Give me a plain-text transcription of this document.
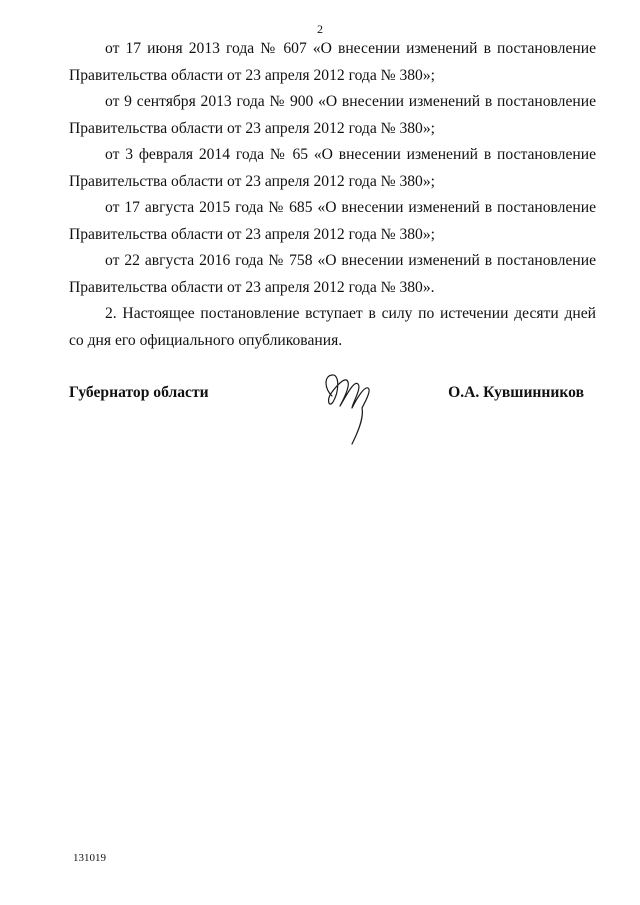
2

от 17 июня 2013 года № 607 «О внесении изменений в постановление Правительства области от 23 апреля 2012 года № 380»;

от 9 сентября 2013 года № 900 «О внесении изменений в постановление Правительства области от 23 апреля 2012 года № 380»;

от 3 февраля 2014 года № 65 «О внесении изменений в постановление Правительства области от 23 апреля 2012 года № 380»;

от 17 августа 2015 года № 685 «О внесении изменений в постановление Правительства области от 23 апреля 2012 года № 380»;

от 22 августа 2016 года № 758 «О внесении изменений в постановление Правительства области от 23 апреля 2012 года № 380».

2. Настоящее постановление вступает в силу по истечении десяти дней со дня его официального опубликования.

Губернатор области	О.А. Кувшинников
131019
